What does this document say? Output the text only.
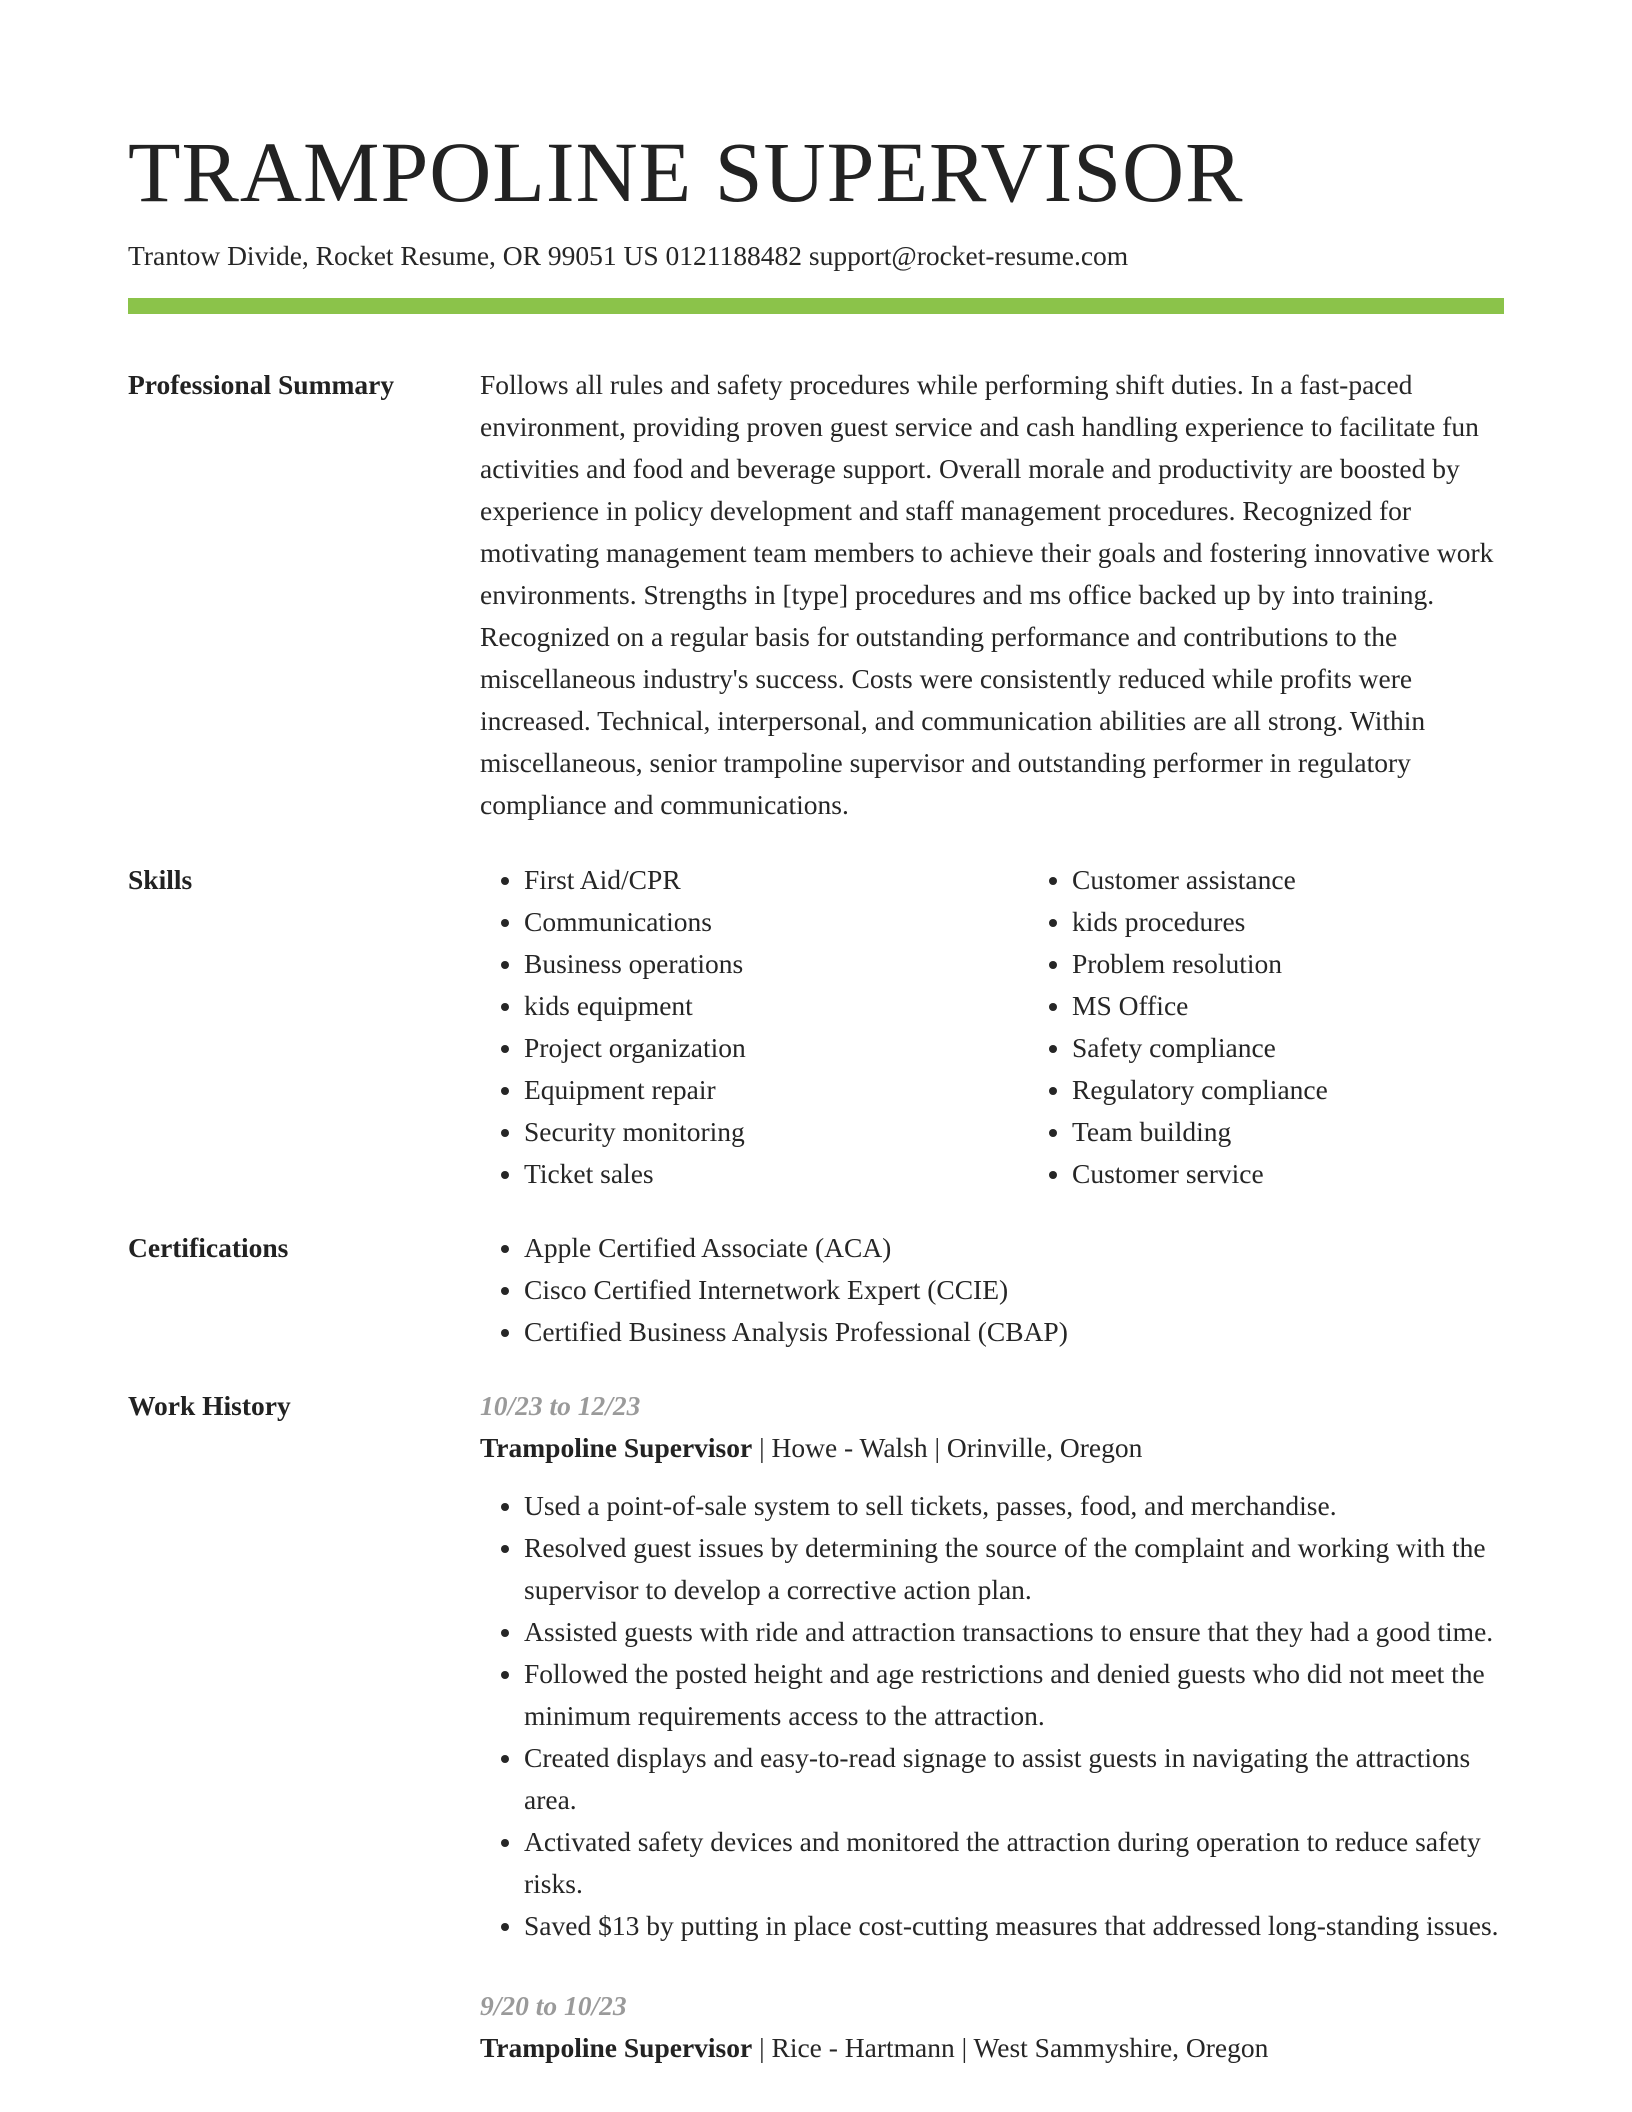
TRAMPOLINE SUPERVISOR
Trantow Divide, Rocket Resume, OR 99051 US 0121188482 support@rocket-resume.com
Professional Summary	Follows all rules and safety procedures while performing shift duties. In a fast-paced environment, providing proven guest service and cash handling experience to facilitate fun activities and food and beverage support. Overall morale and productivity are boosted by experience in policy development and staff management procedures. Recognized for motivating management team members to achieve their goals and fostering innovative work environments. Strengths in [type] procedures and ms office backed up by into training. Recognized on a regular basis for outstanding performance and contributions to the miscellaneous industry's success. Costs were consistently reduced while profits were increased. Technical, interpersonal, and communication abilities are all strong. Within miscellaneous, senior trampoline supervisor and outstanding performer in regulatory compliance and communications.

Skills	• First Aid/CPR
• Communications
• Business operations
• kids equipment
• Project organization
• Equipment repair
• Security monitoring
• Ticket sales
• Customer assistance
• kids procedures
• Problem resolution
• MS Office
• Safety compliance
• Regulatory compliance
• Team building
• Customer service
Certifications	• Apple Certified Associate (ACA)
• Cisco Certified Internetwork Expert (CCIE)
• Certified Business Analysis Professional (CBAP)
Work History	10/23 to 12/23
Trampoline Supervisor | Howe - Walsh | Orinville, Oregon
• Used a point-of-sale system to sell tickets, passes, food, and merchandise.
• Resolved guest issues by determining the source of the complaint and working with the supervisor to develop a corrective action plan.
• Assisted guests with ride and attraction transactions to ensure that they had a good time.
• Followed the posted height and age restrictions and denied guests who did not meet the minimum requirements access to the attraction.
• Created displays and easy-to-read signage to assist guests in navigating the attractions area.
• Activated safety devices and monitored the attraction during operation to reduce safety risks.
• Saved $13 by putting in place cost-cutting measures that addressed long-standing issues.
9/20 to 10/23
Trampoline Supervisor | Rice - Hartmann | West Sammyshire, Oregon
